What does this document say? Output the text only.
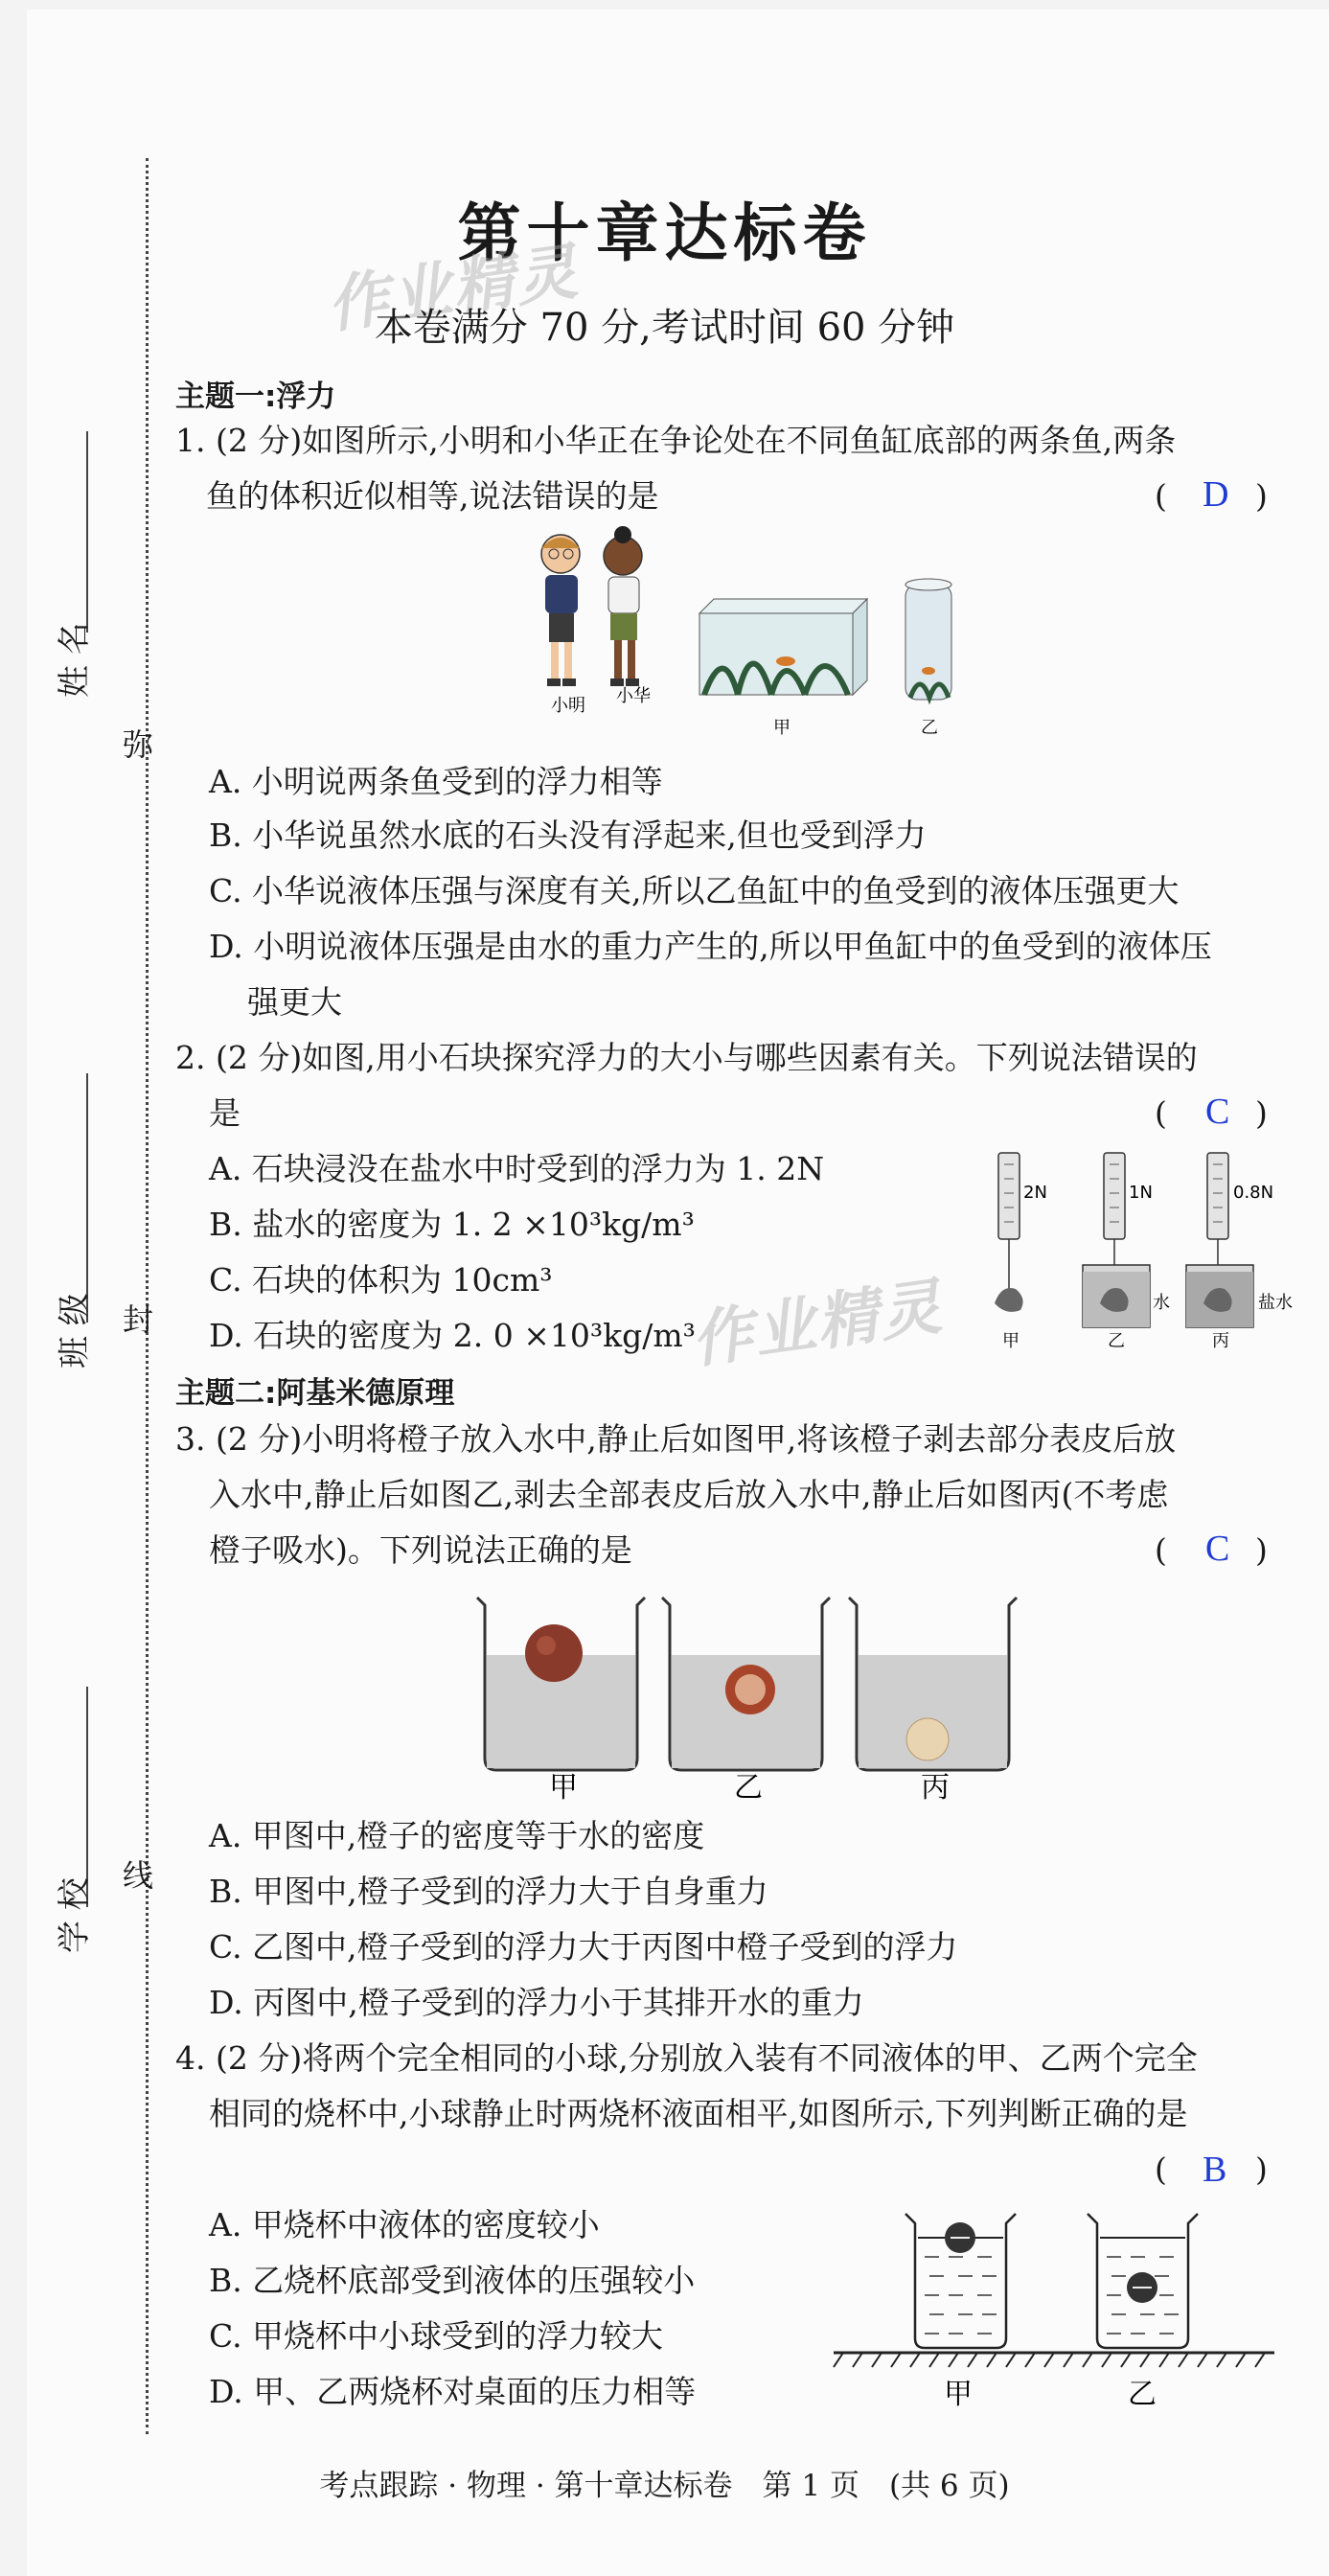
姓 名
班 级
学 校
弥
封
线
第十章达标卷
作业精灵
本卷满分 70 分,考试时间 60 分钟
主题一:浮力
1. (2 分)如图所示,小明和小华正在争论处在不同鱼缸底部的两条鱼,两条
鱼的体积近似相等,说法错误的是	( D )
小明 小华
甲	乙
A. 小明说两条鱼受到的浮力相等
B. 小华说虽然水底的石头没有浮起来,但也受到浮力
C. 小华说液体压强与深度有关,所以乙鱼缸中的鱼受到的液体压强更大
D. 小明说液体压强是由水的重力产生的,所以甲鱼缸中的鱼受到的液体压
强更大
2. (2 分)如图,用小石块探究浮力的大小与哪些因素有关。下列说法错误的
是	( C )
A. 石块浸没在盐水中时受到的浮力为 1. 2N
B. 盐水的密度为 1. 2 ×10³kg/m³
C. 石块的体积为 10cm³
D. 石块的密度为 2. 0 ×10³kg/m³
作业精灵
2N
甲
1N
水
乙
0.8N
盐水
丙
主题二:阿基米德原理
3. (2 分)小明将橙子放入水中,静止后如图甲,将该橙子剥去部分表皮后放
入水中,静止后如图乙,剥去全部表皮后放入水中,静止后如图丙(不考虑
橙子吸水)。下列说法正确的是	( C )
甲	乙	丙
A. 甲图中,橙子的密度等于水的密度
B. 甲图中,橙子受到的浮力大于自身重力
C. 乙图中,橙子受到的浮力大于丙图中橙子受到的浮力
D. 丙图中,橙子受到的浮力小于其排开水的重力
4. (2 分)将两个完全相同的小球,分别放入装有不同液体的甲、乙两个完全
相同的烧杯中,小球静止时两烧杯液面相平,如图所示,下列判断正确的是
( B )
A. 甲烧杯中液体的密度较小
B. 乙烧杯底部受到液体的压强较小
C. 甲烧杯中小球受到的浮力较大
D. 甲、乙两烧杯对桌面的压力相等	甲	乙
考点跟踪 · 物理 · 第十章达标卷　第 1 页　(共 6 页)
